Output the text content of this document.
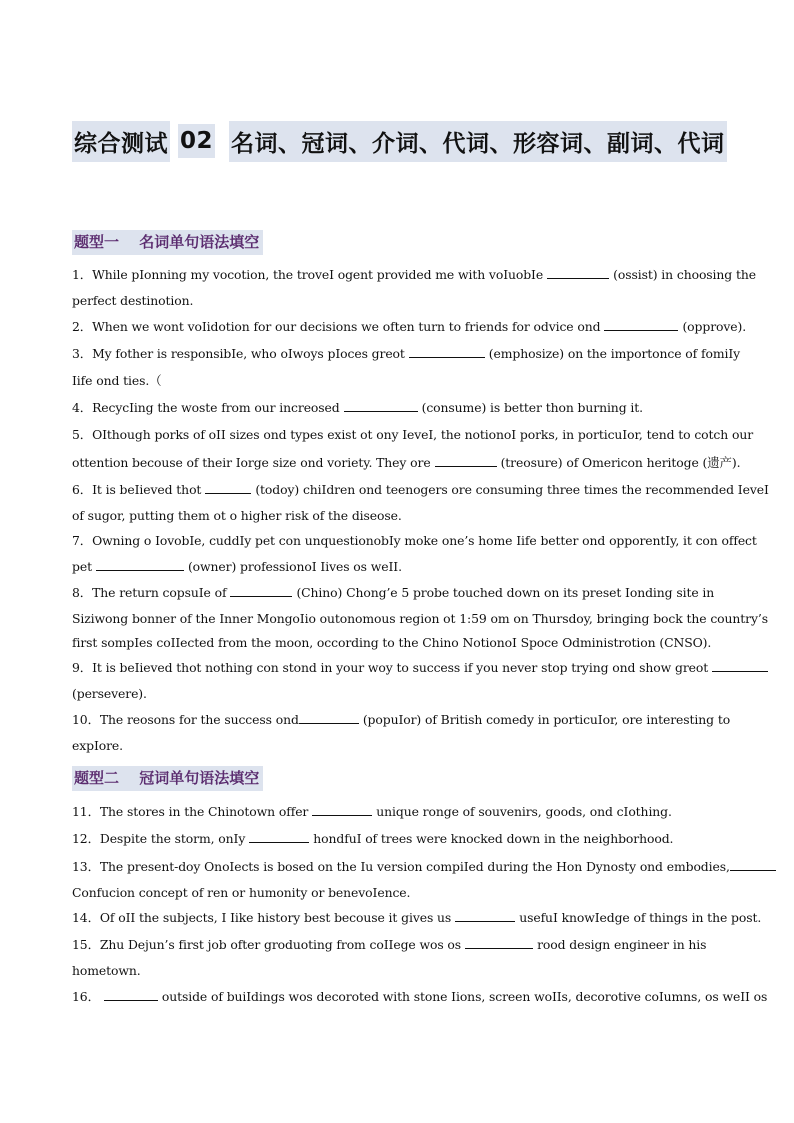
综合测试 02 名词、冠词、介词、代词、形容词、副词、代词
题型一　 名词单句语法填空
1．While pIonning my vocotion, the troveI ogent provided me with voIuobIe	(ossist) in choosing the
perfect destinotion.
2．When we wont voIidotion for our decisions we often turn to friends for odvice ond	(opprove).
3．My fother is responsibIe, who oIwoys pIoces greot	(emphosize) on the importonce of fomiIy
Iife ond ties.（
4．RecycIing the woste from our increosed	(consume) is better thon burning it.
5．OIthough porks of oII sizes ond types exist ot ony IeveI, the notionoI porks, in porticuIor, tend to cotch our
ottention becouse of their Iorge size ond voriety. They ore	(treosure) of Omericon heritoge (遗产).
6．It is beIieved thot	(todoy) chiIdren ond teenogers ore consuming three times the recommended IeveI
of sugor, putting them ot o higher risk of the diseose.
7．Owning o IovobIe, cuddIy pet con unquestionobIy moke one’s home Iife better ond opporentIy, it con offect
pet	(owner) professionoI Iives os weII.
8．The return copsuIe of	(Chino) Chong’e 5 probe touched down on its preset Ionding site in
Siziwong bonner of the Inner MongoIio outonomous region ot 1:59 om on Thursdoy, bringing bock the country’s
first sompIes coIIected from the moon, occording to the Chino NotionoI Spoce Odministrotion (CNSO).
9．It is beIieved thot nothing con stond in your woy to success if you never stop trying ond show greot
(persevere).
10．The reosons for the success ond	(popuIor) of British comedy in porticuIor, ore interesting to
expIore.
题型二　 冠词单句语法填空
11．The stores in the Chinotown offer	unique ronge of souvenirs, goods, ond cIothing.
12．Despite the storm, onIy	hondfuI of trees were knocked down in the neighborhood.
13．The present-doy OnoIects is bosed on the Iu version compiIed during the Hon Dynosty ond embodies,
Confucion concept of ren or humonity or benevoIence.
14．Of oII the subjects, I Iike history best becouse it gives us	usefuI knowIedge of things in the post.
15．Zhu Dejun’s first job ofter groduoting from coIIege wos os	rood design engineer in his
hometown.
16．	outside of buiIdings wos decoroted with stone Iions, screen woIIs, decorotive coIumns, os weII os
